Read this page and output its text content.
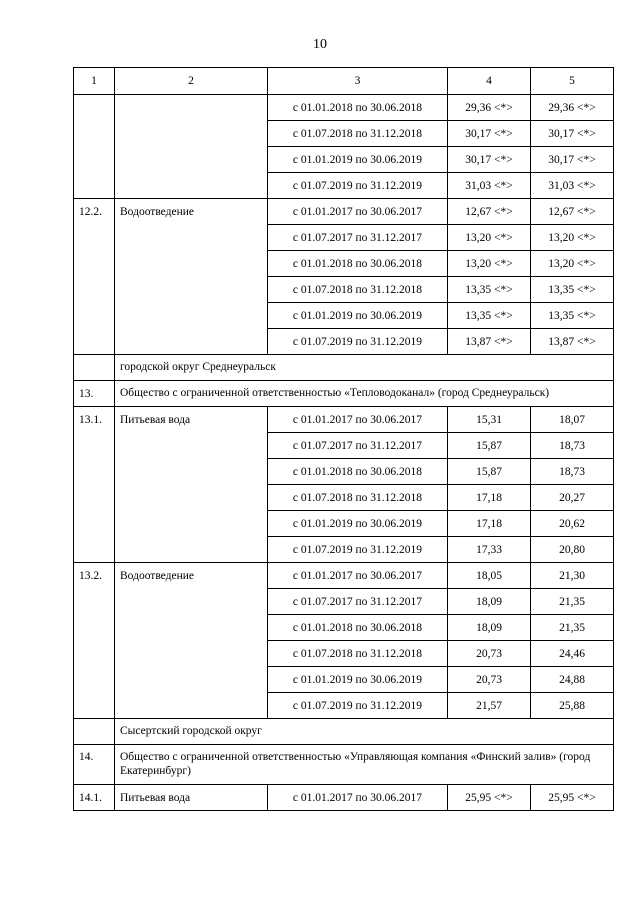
10
1	2	3	4	5
		с 01.01.2018 по 30.06.2018	29,36 <*>	29,36 <*>
		с 01.07.2018 по 31.12.2018	30,17 <*>	30,17 <*>
		с 01.01.2019 по 30.06.2019	30,17 <*>	30,17 <*>
		с 01.07.2019 по 31.12.2019	31,03 <*>	31,03 <*>
12.2.	Водоотведение	с 01.01.2017 по 30.06.2017	12,67 <*>	12,67 <*>
		с 01.07.2017 по 31.12.2017	13,20 <*>	13,20 <*>
		с 01.01.2018 по 30.06.2018	13,20 <*>	13,20 <*>
		с 01.07.2018 по 31.12.2018	13,35 <*>	13,35 <*>
		с 01.01.2019 по 30.06.2019	13,35 <*>	13,35 <*>
		с 01.07.2019 по 31.12.2019	13,87 <*>	13,87 <*>
	городской округ Среднеуральск			
13.	Общество с ограниченной ответственностью «Тепловодоканал» (город Среднеуральск)			
13.1.	Питьевая вода	с 01.01.2017 по 30.06.2017	15,31	18,07
		с 01.07.2017 по 31.12.2017	15,87	18,73
		с 01.01.2018 по 30.06.2018	15,87	18,73
		с 01.07.2018 по 31.12.2018	17,18	20,27
		с 01.01.2019 по 30.06.2019	17,18	20,62
		с 01.07.2019 по 31.12.2019	17,33	20,80
13.2.	Водоотведение	с 01.01.2017 по 30.06.2017	18,05	21,30
		с 01.07.2017 по 31.12.2017	18,09	21,35
		с 01.01.2018 по 30.06.2018	18,09	21,35
		с 01.07.2018 по 31.12.2018	20,73	24,46
		с 01.01.2019 по 30.06.2019	20,73	24,88
		с 01.07.2019 по 31.12.2019	21,57	25,88
	Сысертский городской округ			
14.	Общество с ограниченной ответственностью «Управляющая компания «Финский залив» (город Екатеринбург)			
14.1.	Питьевая вода	с 01.01.2017 по 30.06.2017	25,95 <*>	25,95 <*>
